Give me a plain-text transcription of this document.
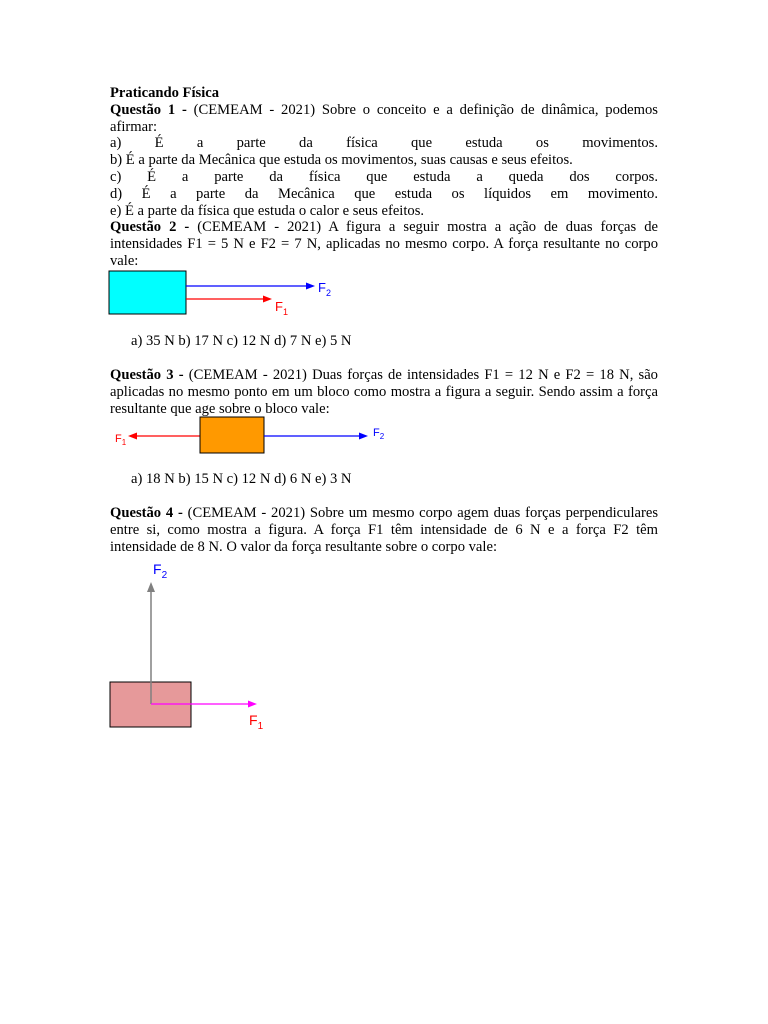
Praticando Física

Questão 1 - (CEMEAM - 2021) Sobre o conceito e a definição de dinâmica, podemos afirmar:

a) É a parte da física que estuda os movimentos.

b) É a parte da Mecânica que estuda os movimentos, suas causas e seus efeitos.

c) É a parte da física que estuda a queda dos corpos.

d) É a parte da Mecânica que estuda os líquidos em movimento.

e) É a parte da física que estuda o calor e seus efeitos.

Questão 2 - (CEMEAM - 2021) A figura a seguir mostra a ação de duas forças de intensidades F1 = 5 N e F2 = 7 N, aplicadas no mesmo corpo. A força resultante no corpo vale:

$F_2$
$F_1$

a) 35 N b) 17 N c) 12 N d) 7 N e) 5 N

Questão 3 - (CEMEAM - 2021) Duas forças de intensidades F1 = 12 N e F2 = 18 N, são aplicadas no mesmo ponto em um bloco como mostra a figura a seguir. Sendo assim a força resultante que age sobre o bloco vale:

$F_1$
$F_2$

a) 18 N b) 15 N c) 12 N d) 6 N e) 3 N

Questão 4 - (CEMEAM - 2021) Sobre um mesmo corpo agem duas forças perpendiculares entre si, como mostra a figura. A força F1 têm intensidade de 6 N e a força F2 têm intensidade de 8 N. O valor da força resultante sobre o corpo vale:

$F_2$
$F_1$
